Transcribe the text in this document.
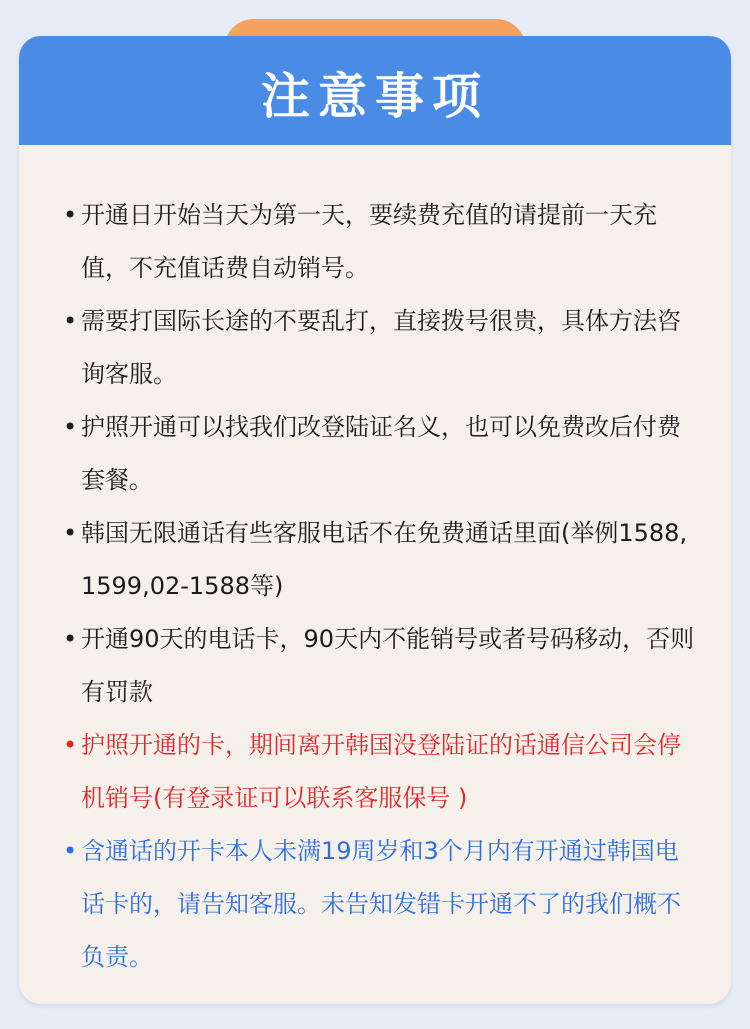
注意事项
• 开通日开始当天为第一天，要续费充值的请提前一天充值，不充值话费自动销号。
• 需要打国际长途的不要乱打，直接拨号很贵，具体方法咨询客服。
• 护照开通可以找我们改登陆证名义，也可以免费改后付费套餐。
• 韩国无限通话有些客服电话不在免费通话里面(举例1588,1599,02-1588等)
• 开通90天的电话卡，90天内不能销号或者号码移动，否则有罚款
• 护照开通的卡，期间离开韩国没登陆证的话通信公司会停机销号(有登录证可以联系客服保号 )
• 含通话的开卡本人未满19周岁和3个月内有开通过韩国电话卡的，请告知客服。未告知发错卡开通不了的我们概不负责。
